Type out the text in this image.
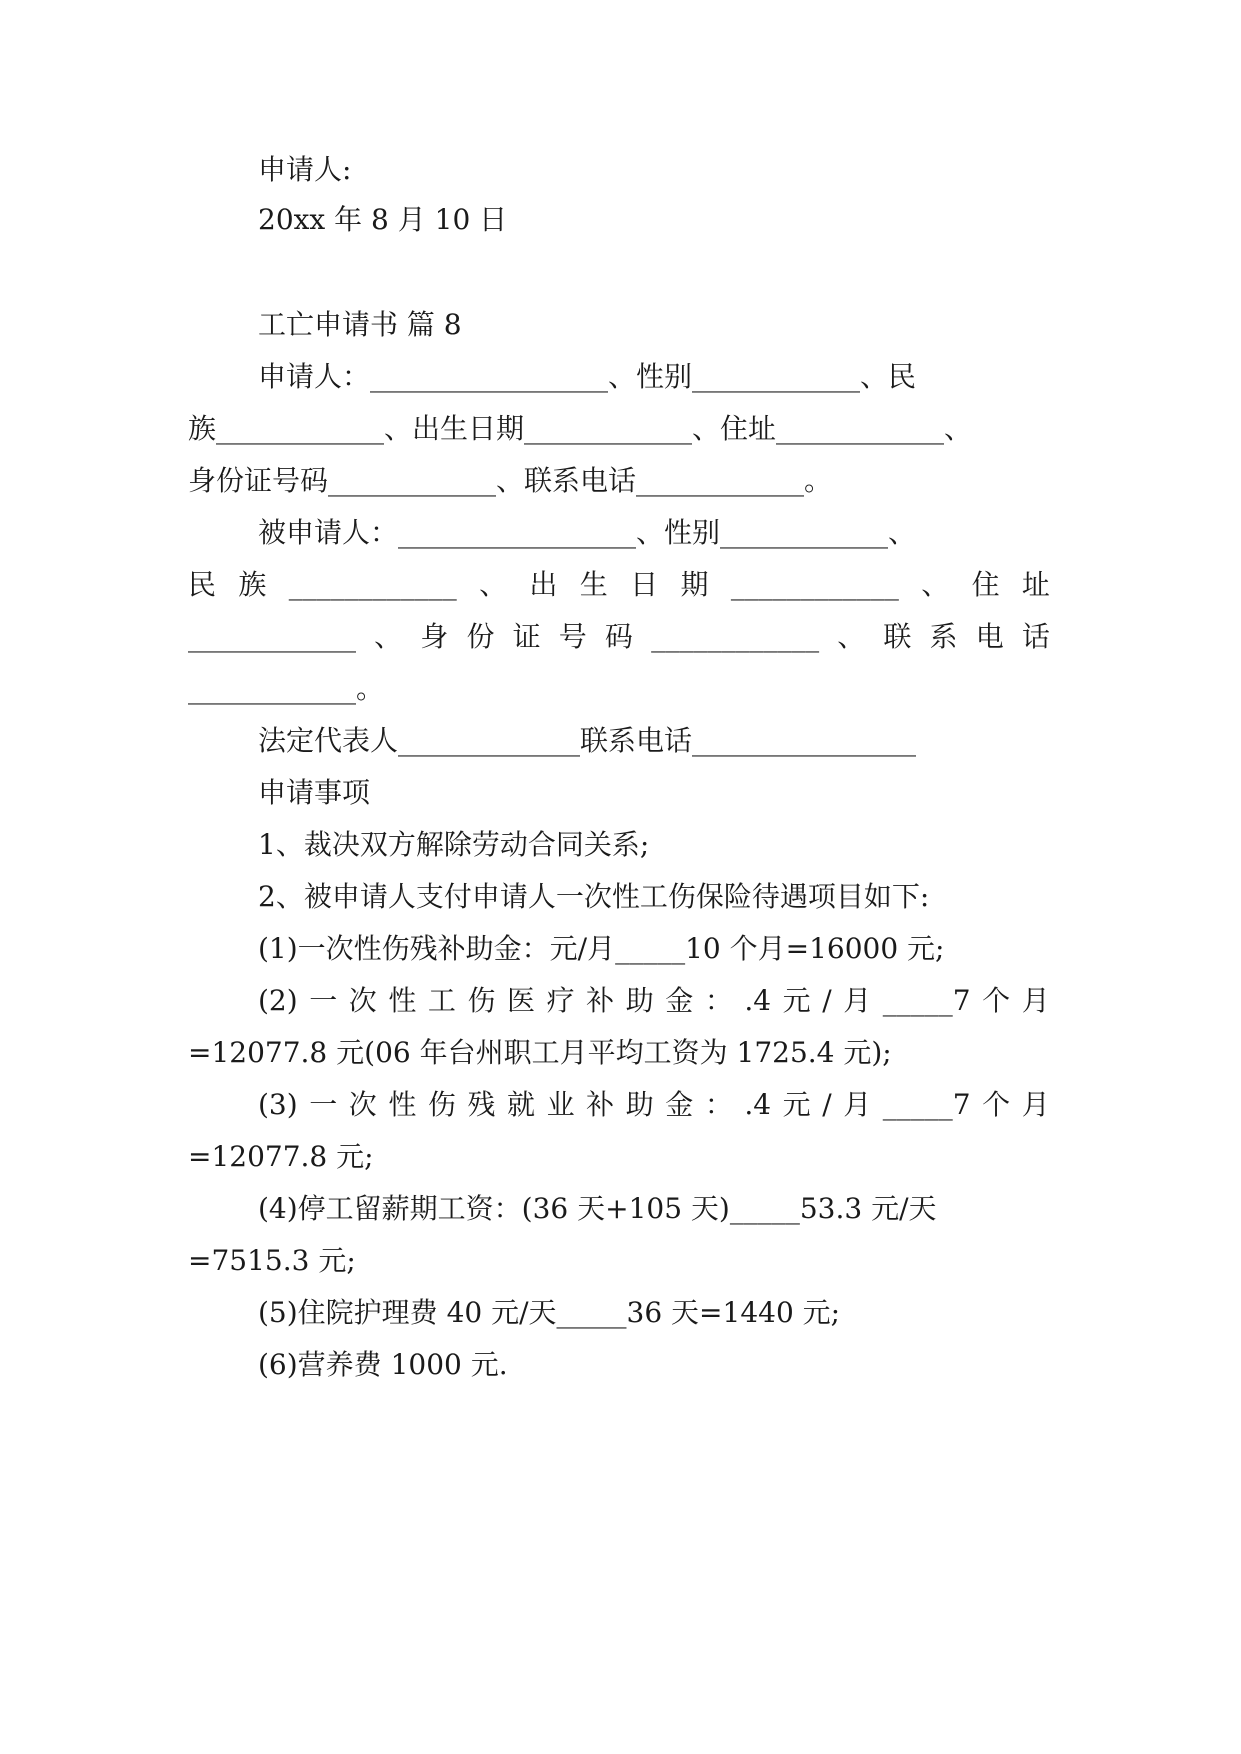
申请人:
20xx 年 8 月 10 日
工亡申请书 篇 8
申请人：_________________、性别____________、民
族____________、出生日期____________、住址____________、
身份证号码____________、联系电话____________。
被申请人：_________________、性别____________、
民 族 ____________ 、 出 生 日 期 ____________ 、 住 址
____________ 、 身 份 证 号 码 ____________ 、 联 系 电 话
____________。
法定代表人_____________联系电话________________
申请事项
1、裁决双方解除劳动合同关系;
2、被申请人支付申请人一次性工伤保险待遇项目如下:
(1)一次性伤残补助金：元/月_____10 个月=16000 元;
(2) 一 次 性 工 伤 医 疗 补 助 金 ： .4 元 / 月 _____7 个 月
=12077.8 元(06 年台州职工月平均工资为 1725.4 元);
(3) 一 次 性 伤 残 就 业 补 助 金 ： .4 元 / 月 _____7 个 月
=12077.8 元;
(4)停工留薪期工资：(36 天+105 天)_____53.3 元/天
=7515.3 元;
(5)住院护理费 40 元/天_____36 天=1440 元;
(6)营养费 1000 元.
